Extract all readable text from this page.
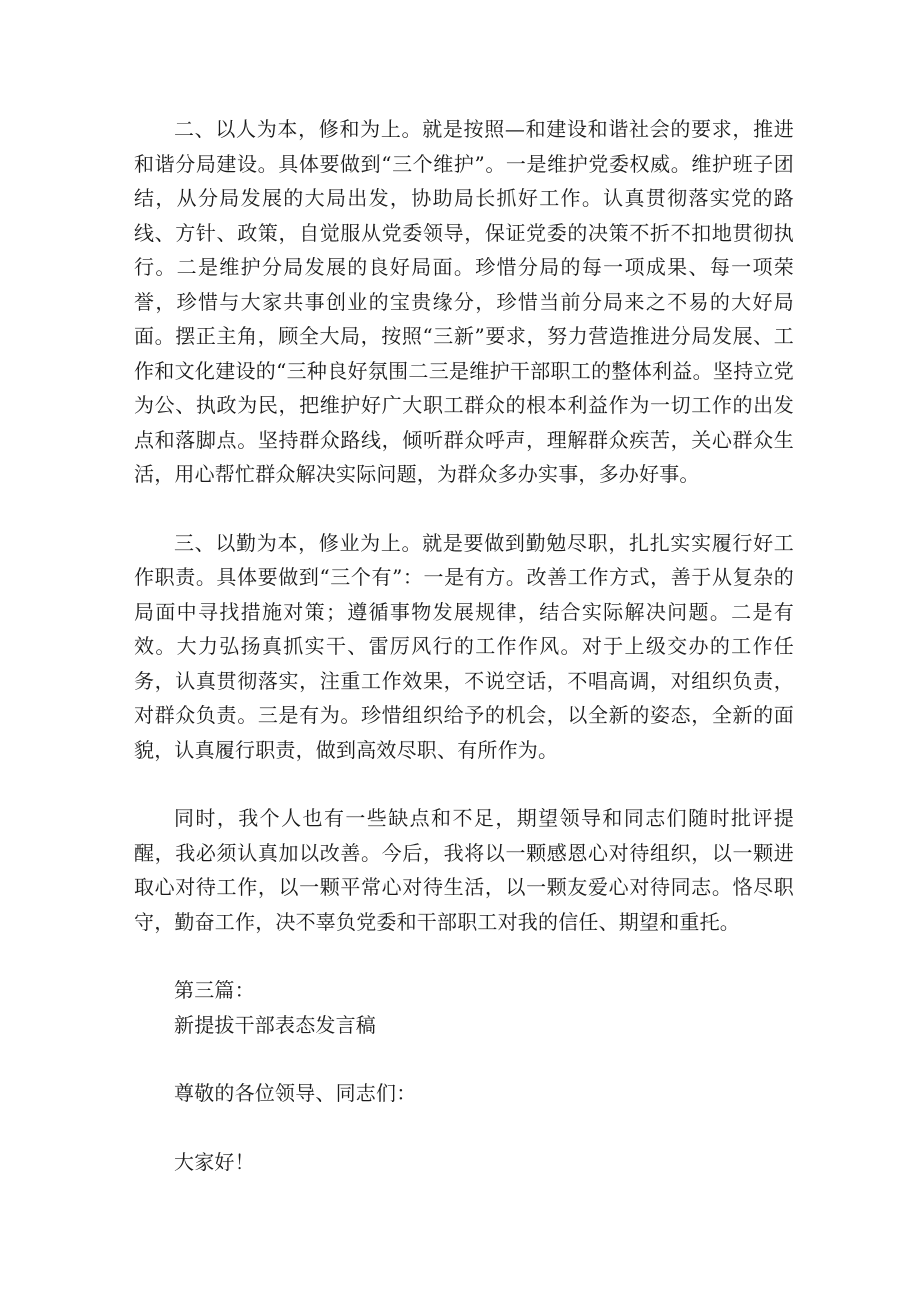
二、以人为本，修和为上。就是按照—和建设和谐社会的要求，推进和谐分局建设。具体要做到“三个维护”。一是维护党委权威。维护班子团结，从分局发展的大局出发，协助局长抓好工作。认真贯彻落实党的路线、方针、政策，自觉服从党委领导，保证党委的决策不折不扣地贯彻执行。二是维护分局发展的良好局面。珍惜分局的每一项成果、每一项荣誉，珍惜与大家共事创业的宝贵缘分，珍惜当前分局来之不易的大好局面。摆正主角，顾全大局，按照“三新”要求，努力营造推进分局发展、工作和文化建设的“三种良好氛围二三是维护干部职工的整体利益。坚持立党为公、执政为民，把维护好广大职工群众的根本利益作为一切工作的出发点和落脚点。坚持群众路线，倾听群众呼声，理解群众疾苦，关心群众生活，用心帮忙群众解决实际问题，为群众多办实事，多办好事。

三、以勤为本，修业为上。就是要做到勤勉尽职，扎扎实实履行好工作职责。具体要做到“三个有”：一是有方。改善工作方式，善于从复杂的局面中寻找措施对策；遵循事物发展规律，结合实际解决问题。二是有效。大力弘扬真抓实干、雷厉风行的工作作风。对于上级交办的工作任务，认真贯彻落实，注重工作效果，不说空话，不唱高调，对组织负责，对群众负责。三是有为。珍惜组织给予的机会，以全新的姿态，全新的面貌，认真履行职责，做到高效尽职、有所作为。

同时，我个人也有一些缺点和不足，期望领导和同志们随时批评提醒，我必须认真加以改善。今后，我将以一颗感恩心对待组织，以一颗进取心对待工作，以一颗平常心对待生活，以一颗友爱心对待同志。恪尽职守，勤奋工作，决不辜负党委和干部职工对我的信任、期望和重托。

第三篇：

新提拔干部表态发言稿

尊敬的各位领导、同志们：

大家好！
